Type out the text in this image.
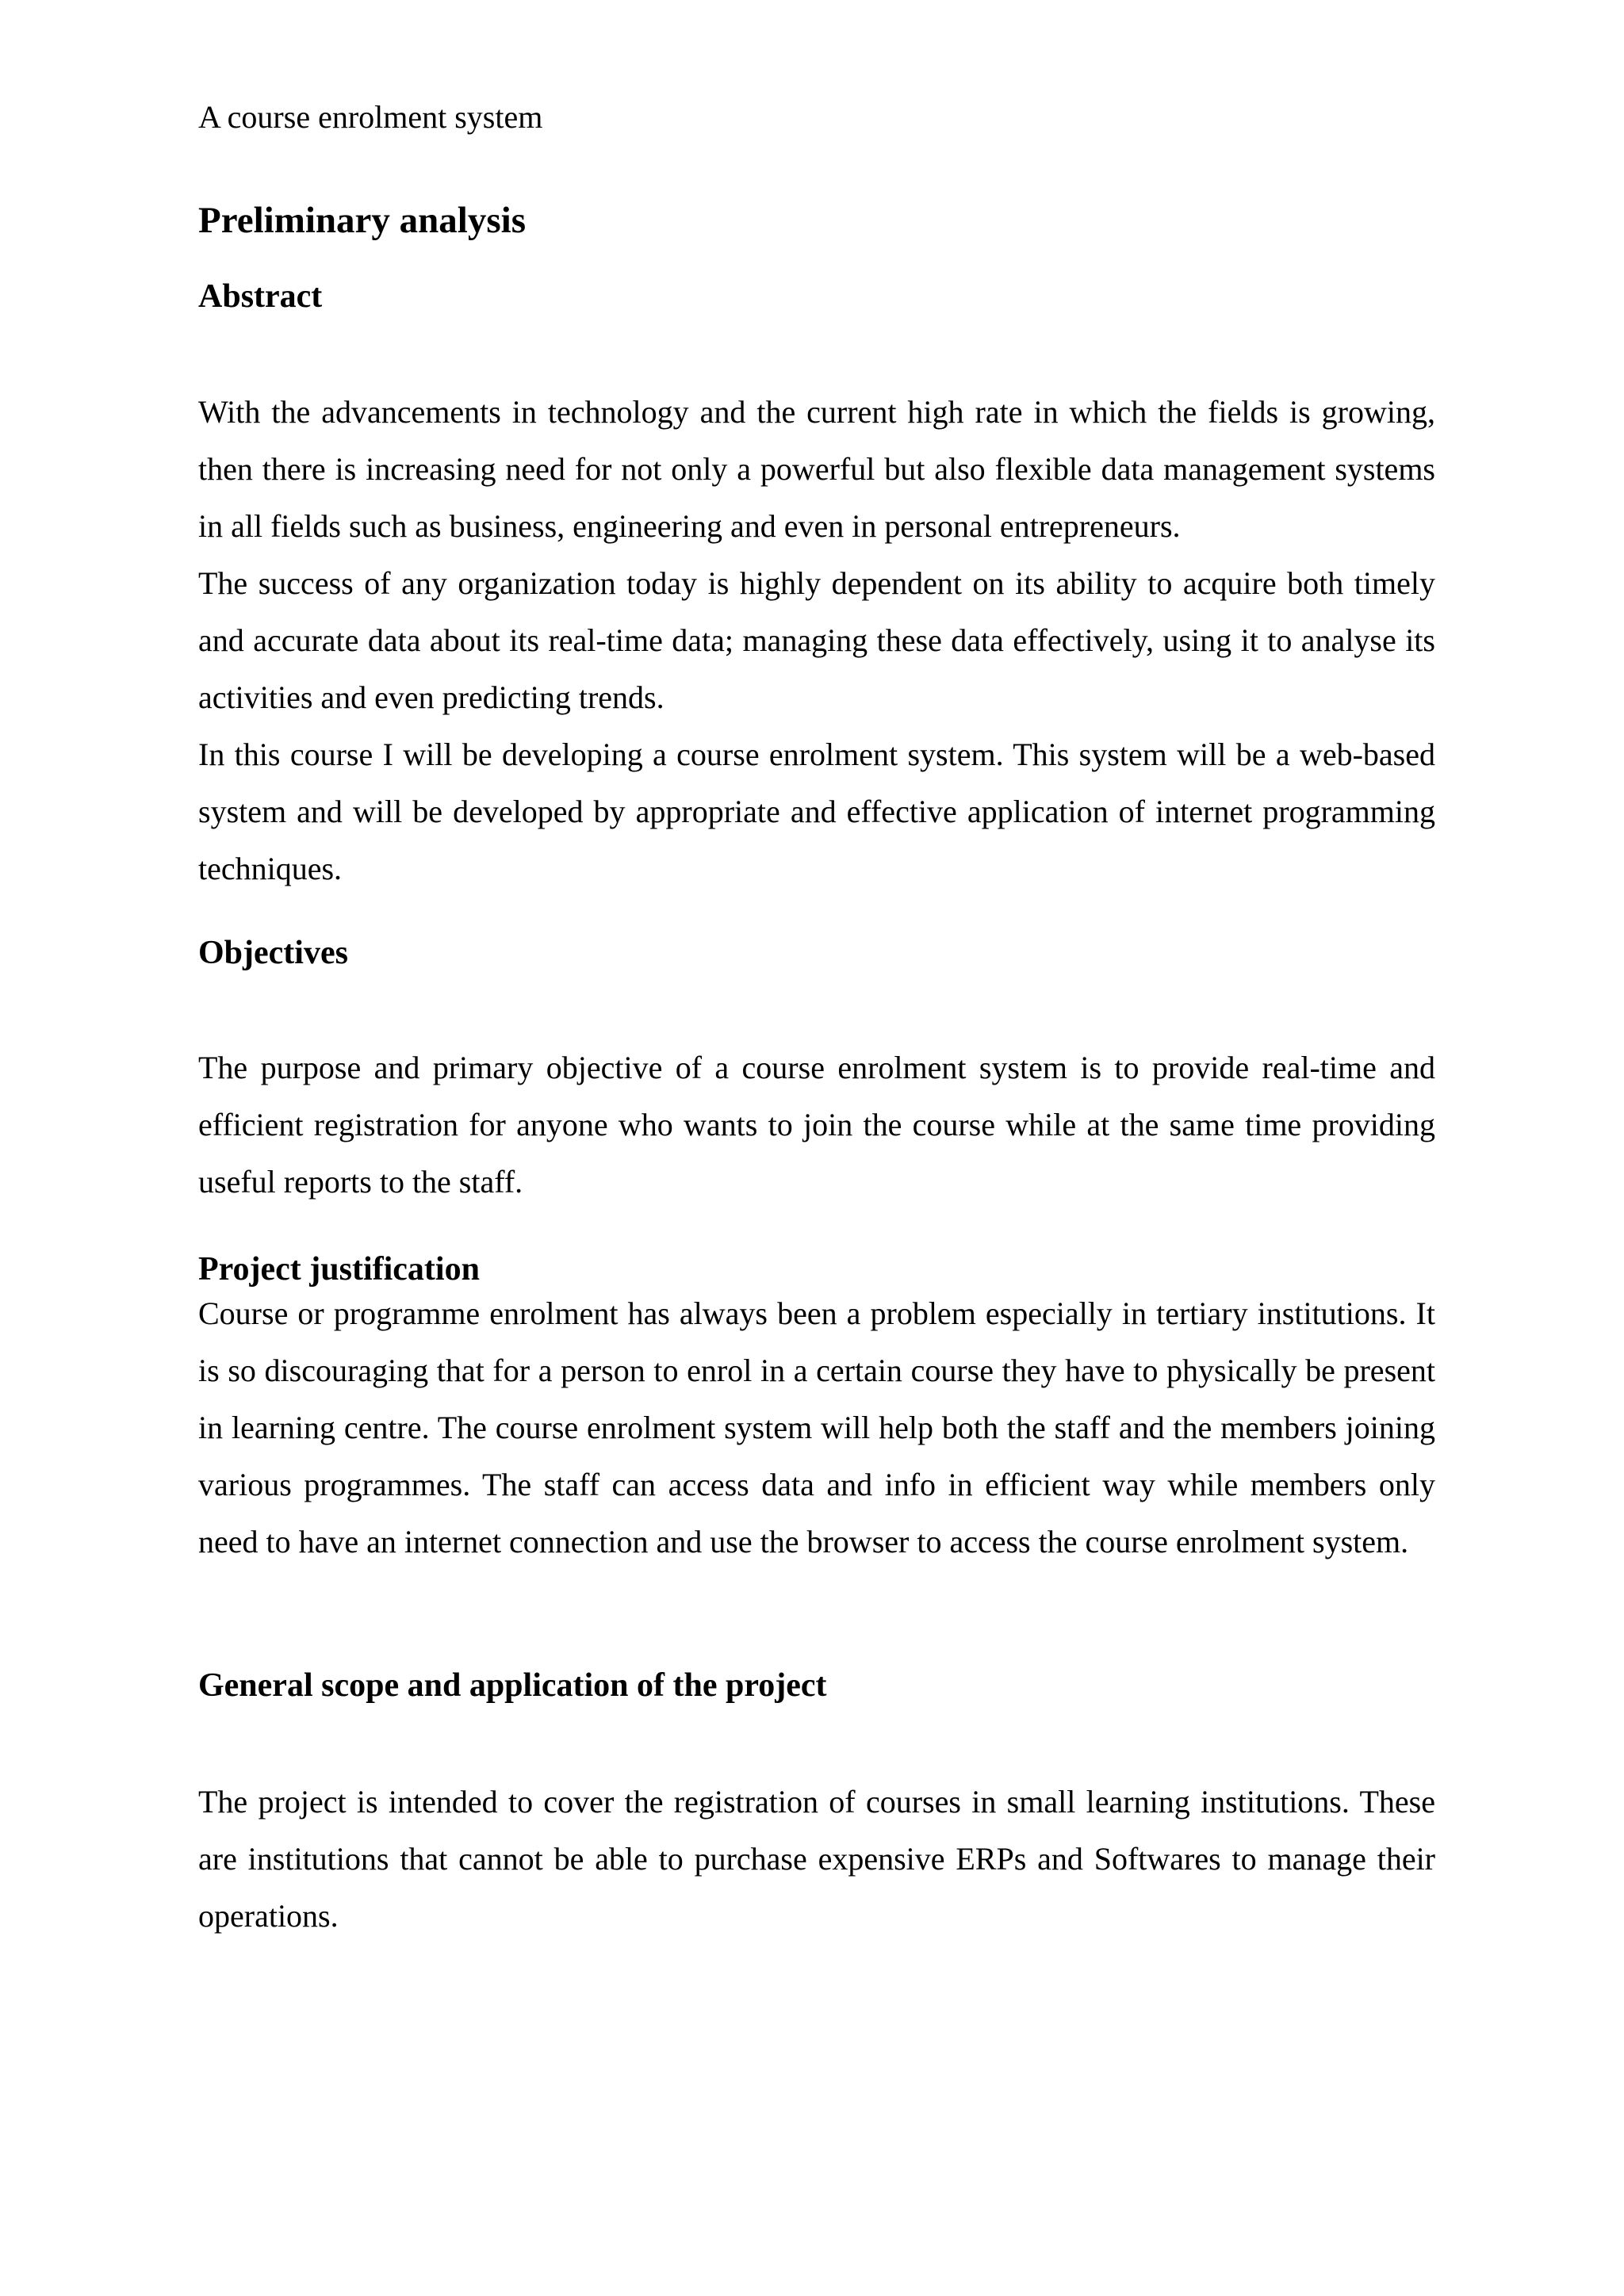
A course enrolment system
Preliminary analysis
Abstract

With the advancements in technology and the current high rate in which the fields is growing, then there is increasing need for not only a powerful but also flexible data management systems in all fields such as business, engineering and even in personal entrepreneurs.

The success of any organization today is highly dependent on its ability to acquire both timely and accurate data about its real-time data; managing these data effectively, using it to analyse its activities and even predicting trends.

In this course I will be developing a course enrolment system. This system will be a web-based system and will be developed by appropriate and effective application of internet programming techniques.

Objectives

The purpose and primary objective of a course enrolment system is to provide real-time and efficient registration for anyone who wants to join the course while at the same time providing useful reports to the staff.

Project justification

Course or programme enrolment has always been a problem especially in tertiary institutions. It is so discouraging that for a person to enrol in a certain course they have to physically be present in learning centre. The course enrolment system will help both the staff and the members joining various programmes. The staff can access data and info in efficient way while members only need to have an internet connection and use the browser to access the course enrolment system.

General scope and application of the project

The project is intended to cover the registration of courses in small learning institutions. These are institutions that cannot be able to purchase expensive ERPs and Softwares to manage their operations.
